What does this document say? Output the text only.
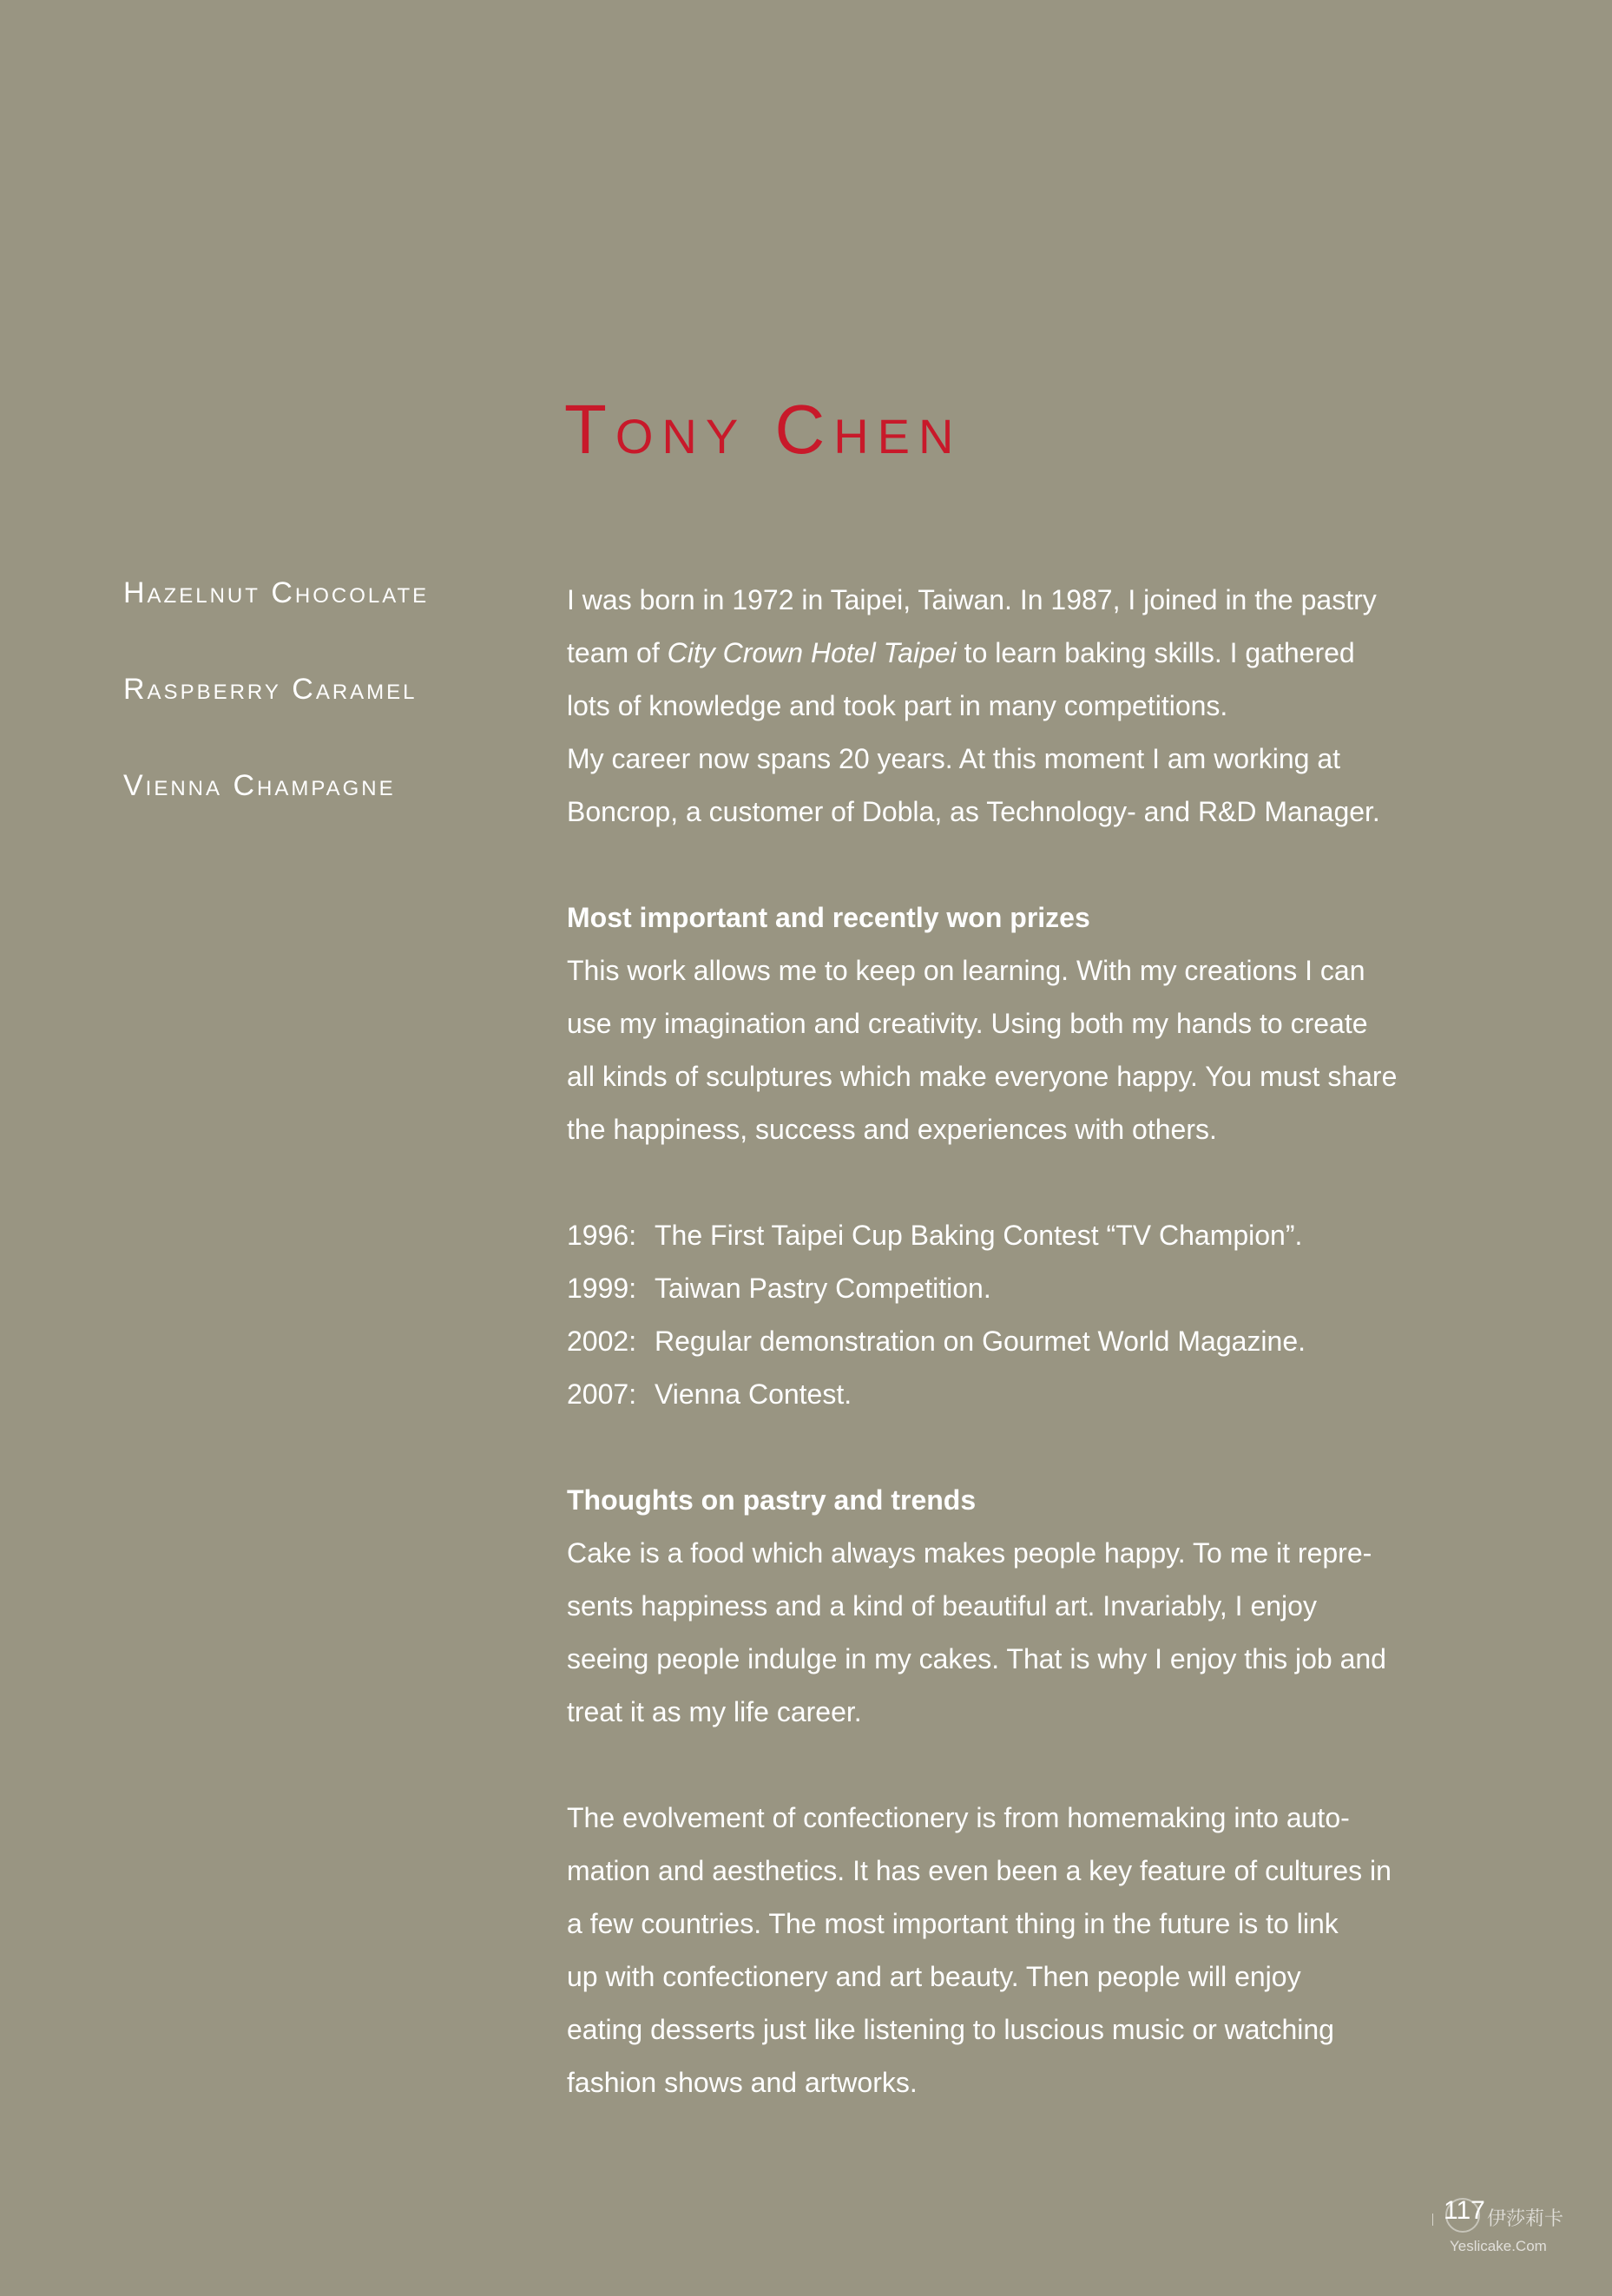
Tony Chen
Hazelnut Chocolate
Raspberry Caramel
Vienna Champagne

I was born in 1972 in Taipei, Taiwan. In 1987, I joined in the pastry

team of City Crown Hotel Taipei to learn baking skills. I gathered

lots of knowledge and took part in many competitions.

My career now spans 20 years. At this moment I am working at

Boncrop, a customer of Dobla, as Technology- and R&D Manager.

Most important and recently won prizes

This work allows me to keep on learning. With my creations I can

use my imagination and creativity. Using both my hands to create

all kinds of sculptures which make everyone happy. You must share

the happiness, success and experiences with others.

1996: The First Taipei Cup Baking Contest “TV Champion”.
1999: Taiwan Pastry Competition.
2002: Regular demonstration on Gourmet World Magazine.
2007: Vienna Contest.

Thoughts on pastry and trends

Cake is a food which always makes people happy. To me it repre-

sents happiness and a kind of beautiful art. Invariably, I enjoy

seeing people indulge in my cakes. That is why I enjoy this job and

treat it as my life career.

The evolvement of confectionery is from homemaking into auto-

mation and aesthetics. It has even been a key feature of cultures in

a few countries. The most important thing in the future is to link

up with confectionery and art beauty. Then people will enjoy

eating desserts just like listening to luscious music or watching

fashion shows and artworks.

117 伊莎莉卡
Yeslicake.Com
